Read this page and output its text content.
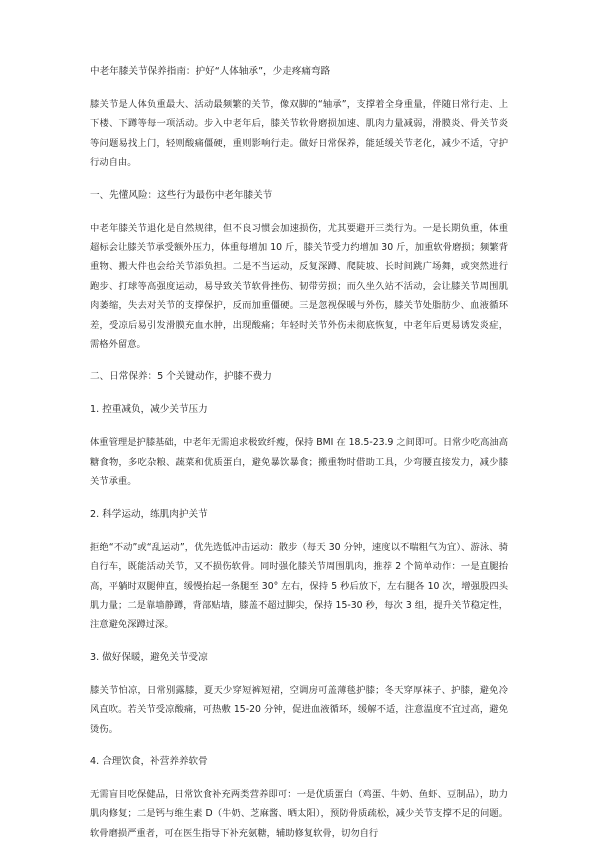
中老年膝关节保养指南：护好“人体轴承”，少走疼痛弯路
膝关节是人体负重最大、活动最频繁的关节，像双脚的“轴承”，支撑着全身重量，伴随日常行走、上下楼、下蹲等每一项活动。步入中老年后，膝关节软骨磨损加速、肌肉力量减弱，滑膜炎、骨关节炎等问题易找上门，轻则酸痛僵硬，重则影响行走。做好日常保养，能延缓关节老化，减少不适，守护行动自由。
一、先懂风险：这些行为最伤中老年膝关节
中老年膝关节退化是自然规律，但不良习惯会加速损伤，尤其要避开三类行为。一是长期负重，体重超标会让膝关节承受额外压力，体重每增加 10 斤，膝关节受力约增加 30 斤，加重软骨磨损；频繁背重物、搬大件也会给关节添负担。二是不当运动，反复深蹲、爬陡坡、长时间跳广场舞，或突然进行跑步、打球等高强度运动，易导致关节软骨挫伤、韧带劳损；而久坐久站不活动，会让膝关节周围肌肉萎缩，失去对关节的支撑保护，反而加重僵硬。三是忽视保暖与外伤，膝关节处脂肪少、血液循环差，受凉后易引发滑膜充血水肿，出现酸痛；年轻时关节外伤未彻底恢复，中老年后更易诱发炎症，需格外留意。
二、日常保养：5 个关键动作，护膝不费力
1. 控重减负，减少关节压力
体重管理是护膝基础，中老年无需追求极致纤瘦，保持 BMI 在 18.5-23.9 之间即可。日常少吃高油高糖食物，多吃杂粮、蔬菜和优质蛋白，避免暴饮暴食；搬重物时借助工具，少弯腰直接发力，减少膝关节承重。
2. 科学运动，练肌肉护关节
拒绝“不动”或“乱运动”，优先选低冲击运动：散步（每天 30 分钟，速度以不喘粗气为宜）、游泳、骑自行车，既能活动关节，又不损伤软骨。同时强化膝关节周围肌肉，推荐 2 个简单动作：一是直腿抬高，平躺时双腿伸直，缓慢抬起一条腿至 30° 左右，保持 5 秒后放下，左右腿各 10 次，增强股四头肌力量；二是靠墙静蹲，背部贴墙，膝盖不超过脚尖，保持 15-30 秒，每次 3 组，提升关节稳定性，注意避免深蹲过深。
3. 做好保暖，避免关节受凉
膝关节怕凉，日常别露膝，夏天少穿短裤短裙，空调房可盖薄毯护膝；冬天穿厚袜子、护膝，避免冷风直吹。若关节受凉酸痛，可热敷 15-20 分钟，促进血液循环，缓解不适，注意温度不宜过高，避免烫伤。
4. 合理饮食，补营养养软骨
无需盲目吃保健品，日常饮食补充两类营养即可：一是优质蛋白（鸡蛋、牛奶、鱼虾、豆制品），助力肌肉修复；二是钙与维生素 D（牛奶、芝麻酱、晒太阳），预防骨质疏松，减少关节支撑不足的问题。软骨磨损严重者，可在医生指导下补充氨糖，辅助修复软骨，切勿自行
